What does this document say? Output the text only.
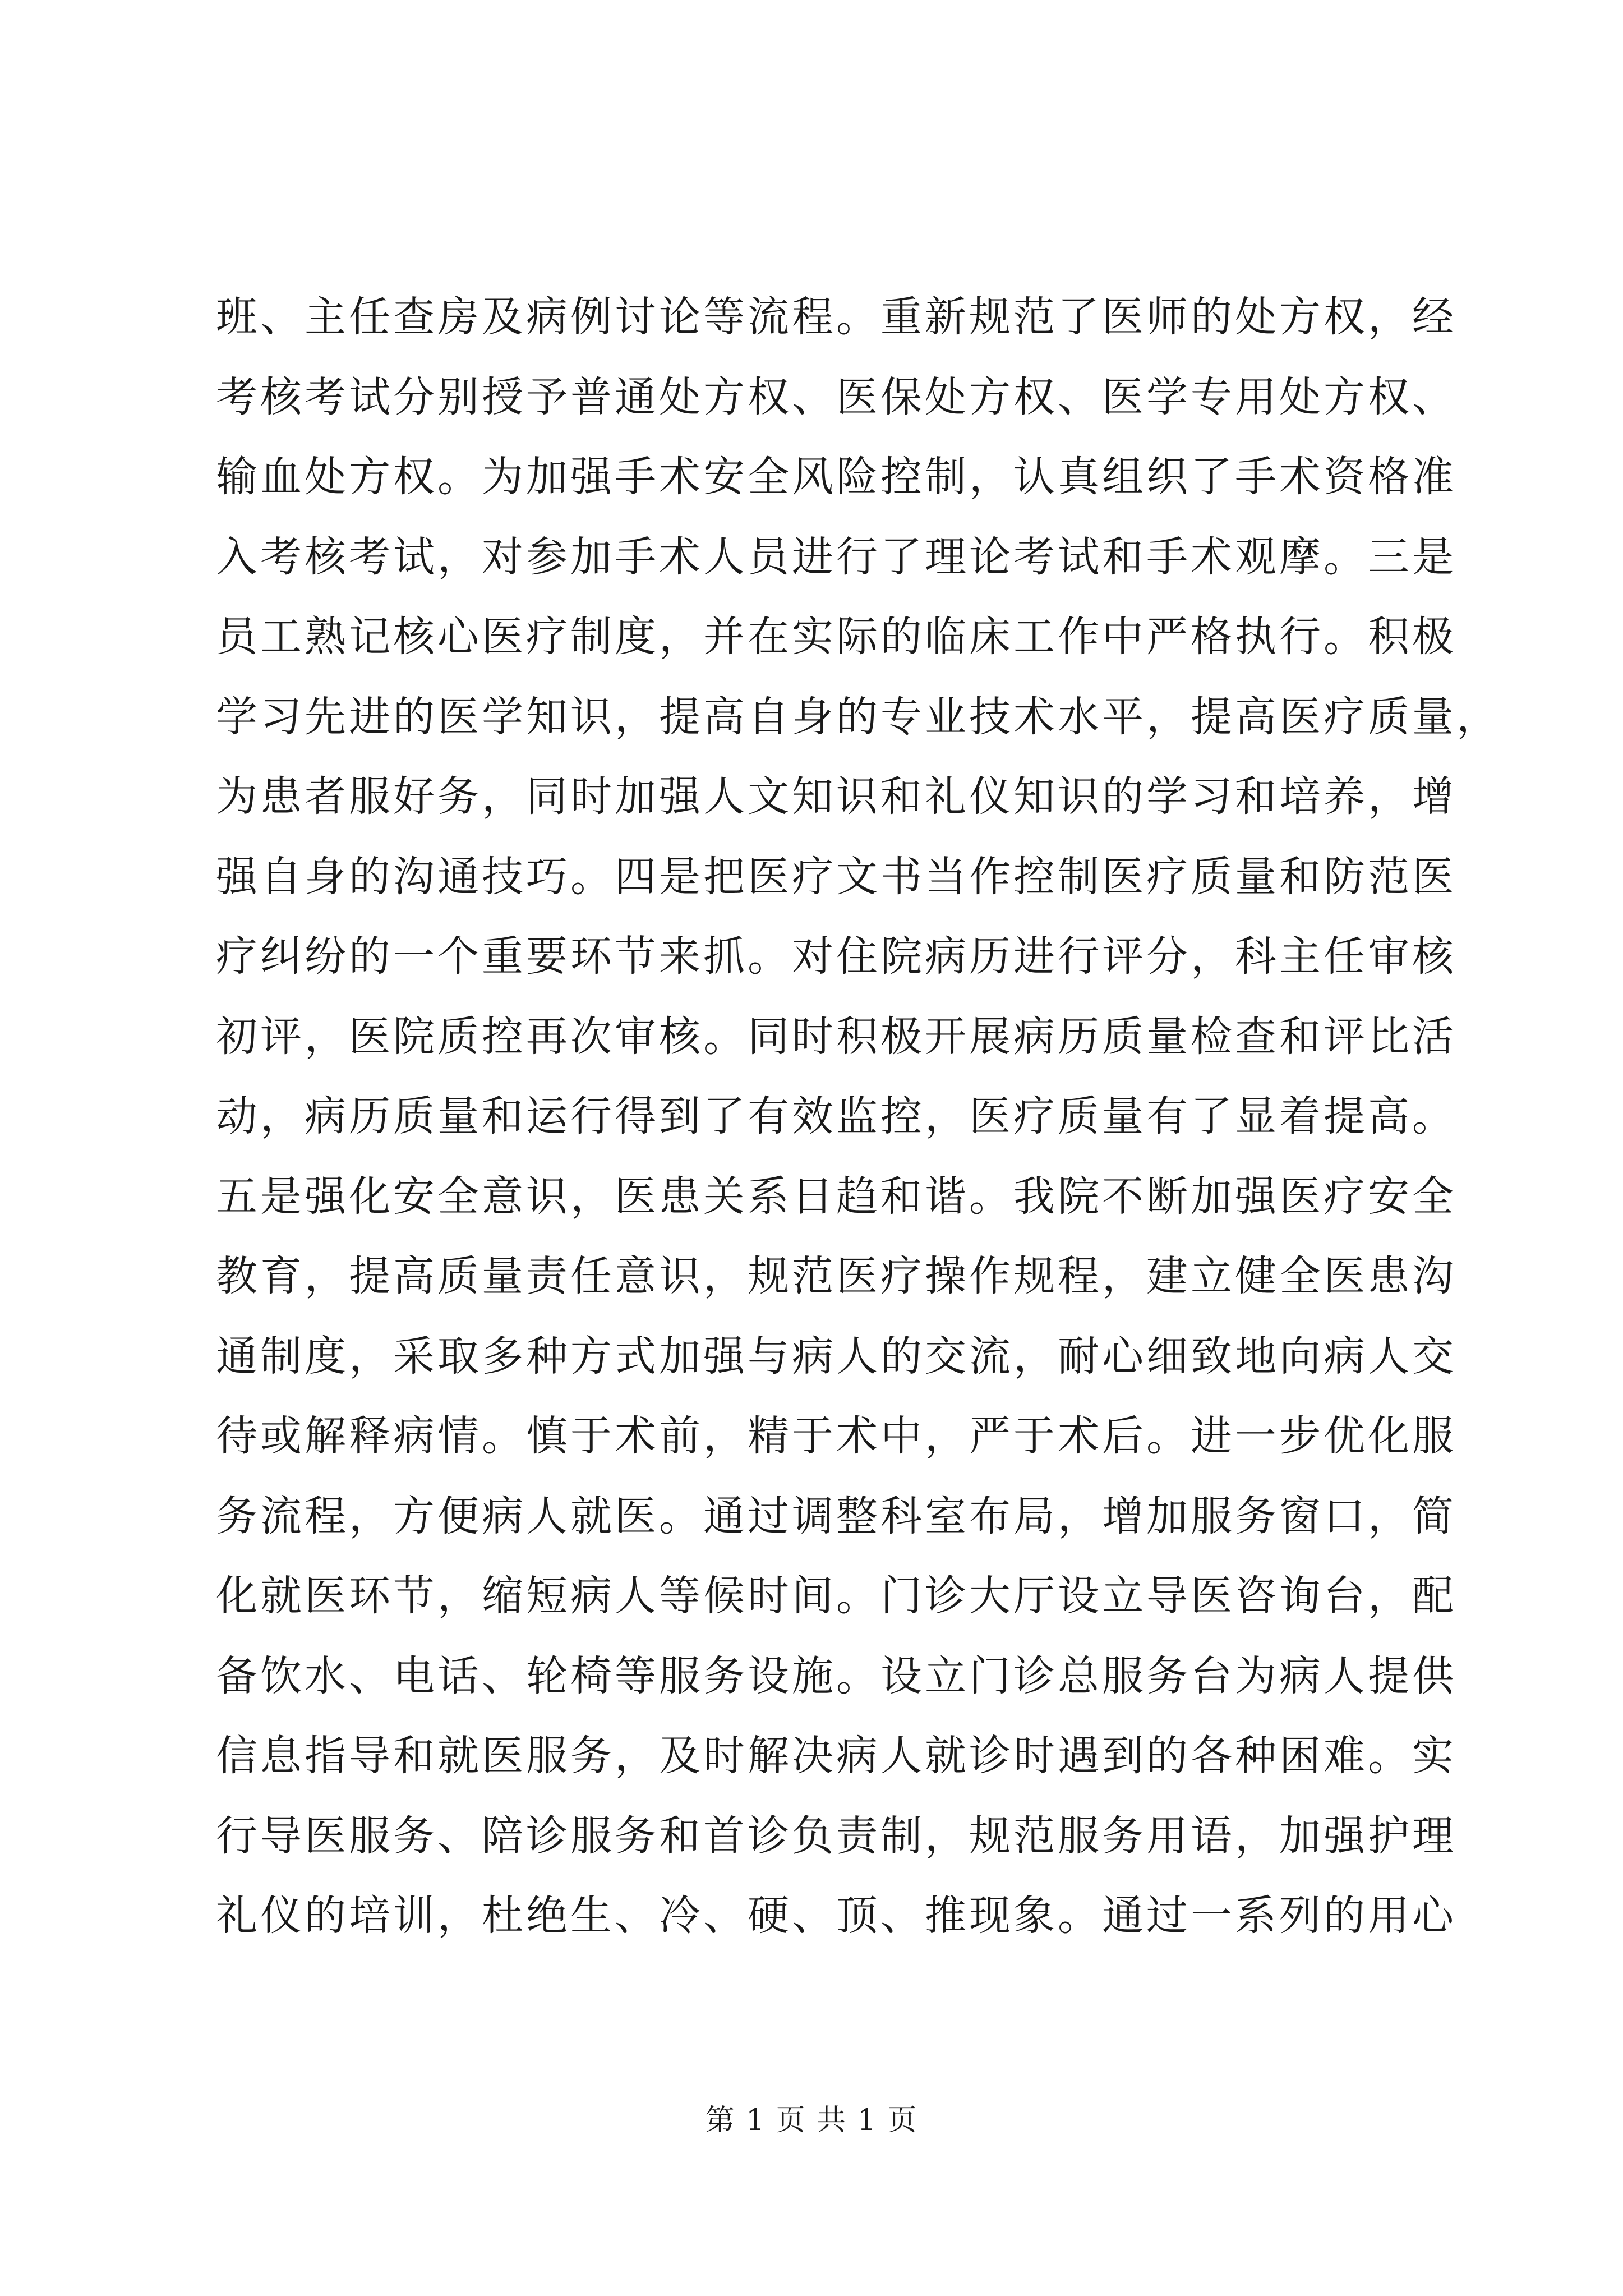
班、主任查房及病例讨论等流程。重新规范了医师的处方权，经
考核考试分别授予普通处方权、医保处方权、医学专用处方权、
输血处方权。为加强手术安全风险控制，认真组织了手术资格准
入考核考试，对参加手术人员进行了理论考试和手术观摩。三是
员工熟记核心医疗制度，并在实际的临床工作中严格执行。积极
学习先进的医学知识，提高自身的专业技术水平，提高医疗质量，
为患者服好务，同时加强人文知识和礼仪知识的学习和培养，增
强自身的沟通技巧。四是把医疗文书当作控制医疗质量和防范医
疗纠纷的一个重要环节来抓。对住院病历进行评分，科主任审核
初评，医院质控再次审核。同时积极开展病历质量检查和评比活
动，病历质量和运行得到了有效监控，医疗质量有了显着提高。
五是强化安全意识，医患关系日趋和谐。我院不断加强医疗安全
教育，提高质量责任意识，规范医疗操作规程，建立健全医患沟
通制度，采取多种方式加强与病人的交流，耐心细致地向病人交
待或解释病情。慎于术前，精于术中，严于术后。进一步优化服
务流程，方便病人就医。通过调整科室布局，增加服务窗口，简
化就医环节，缩短病人等候时间。门诊大厅设立导医咨询台，配
备饮水、电话、轮椅等服务设施。设立门诊总服务台为病人提供
信息指导和就医服务，及时解决病人就诊时遇到的各种困难。实
行导医服务、陪诊服务和首诊负责制，规范服务用语，加强护理
礼仪的培训，杜绝生、冷、硬、顶、推现象。通过一系列的用心
第 1 页 共 1 页
